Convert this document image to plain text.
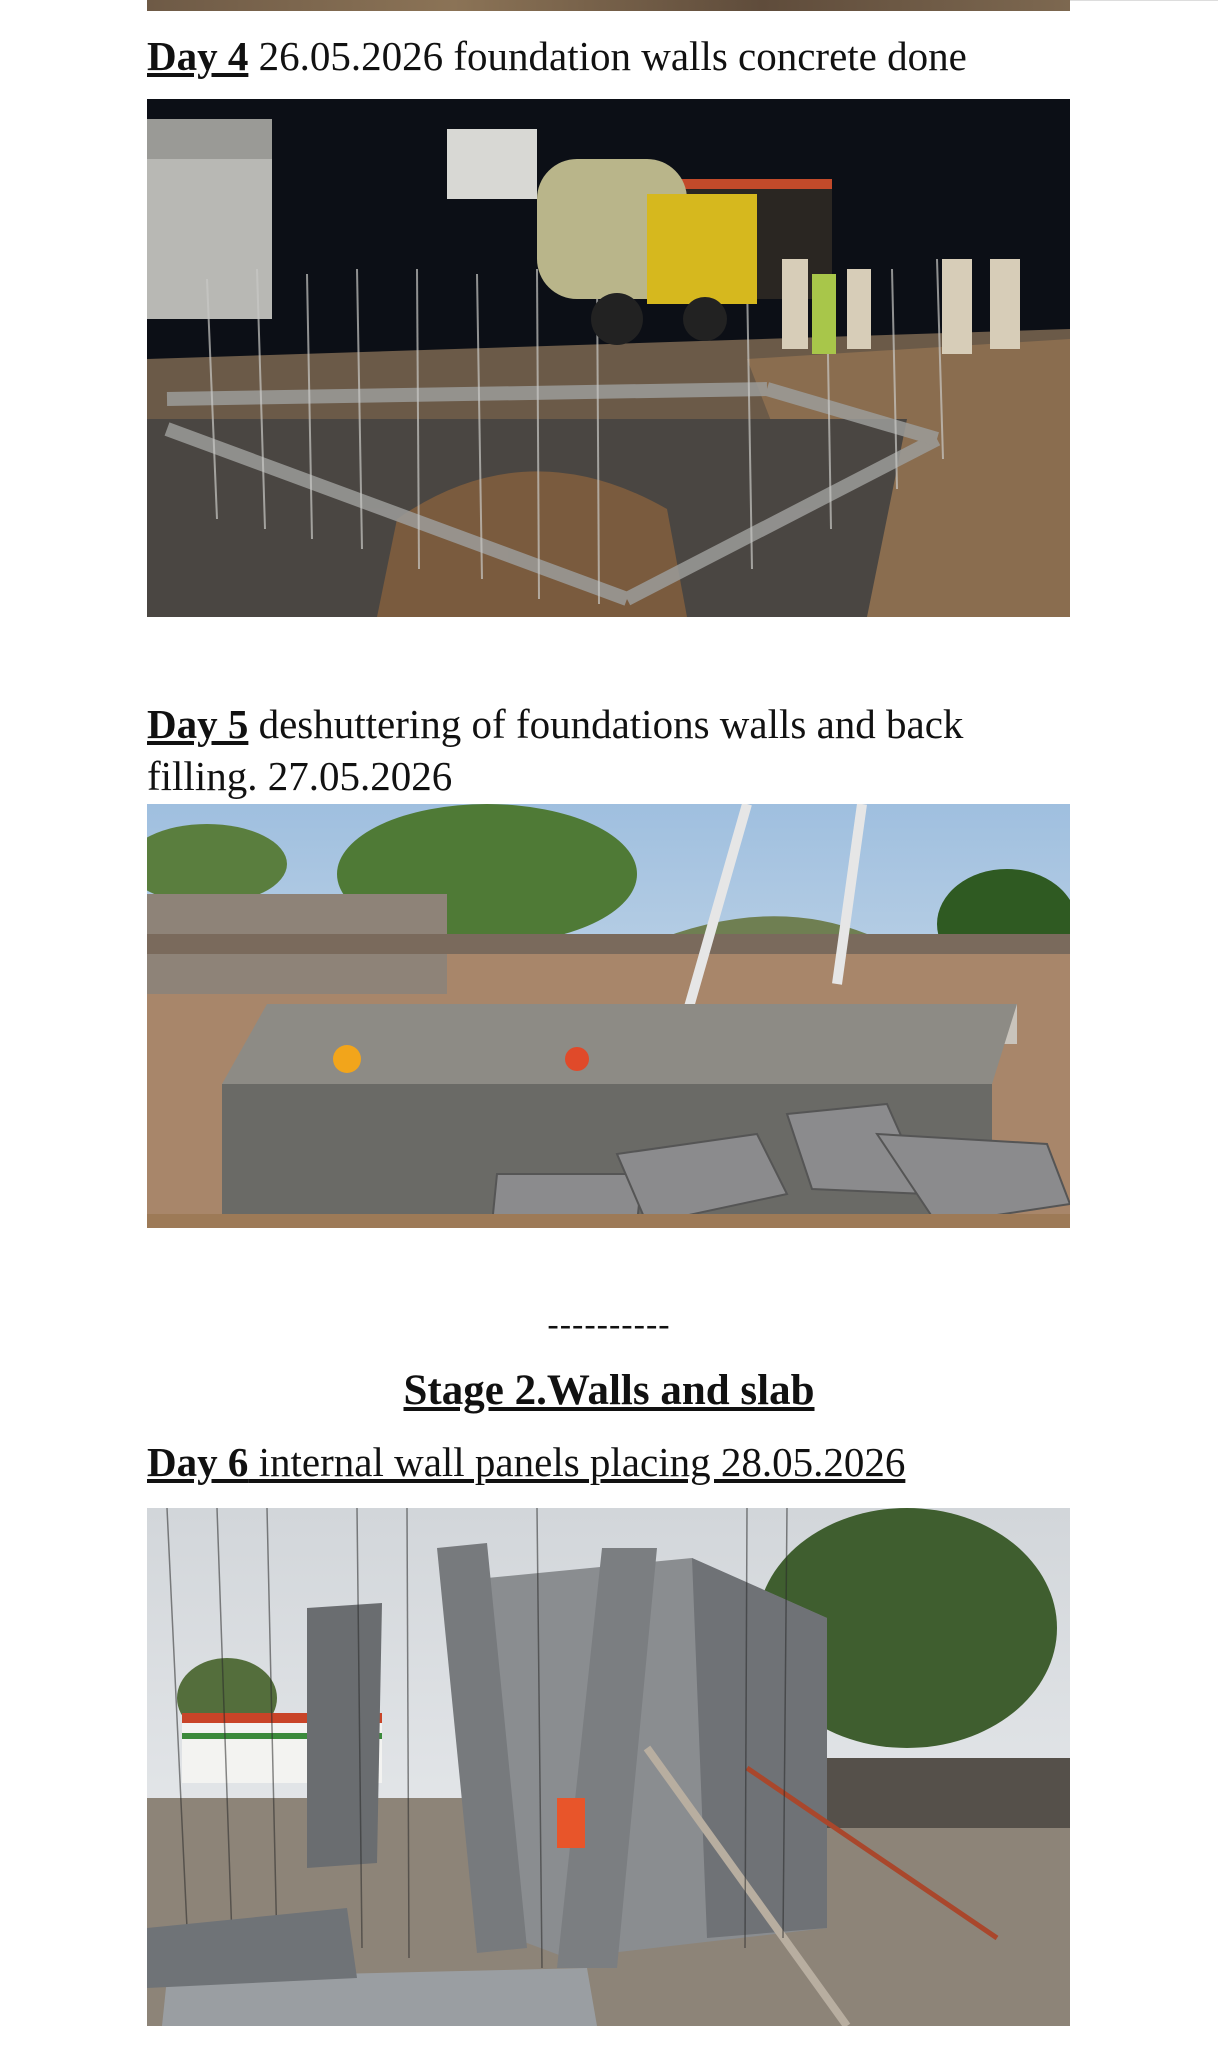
Day 4 26.05.2026 foundation walls concrete done

Day 5 deshuttering of foundations walls and back

filling. 27.05.2026

----------
Stage 2.Walls and slab

Day 6 internal wall panels placing 28.05.2026
